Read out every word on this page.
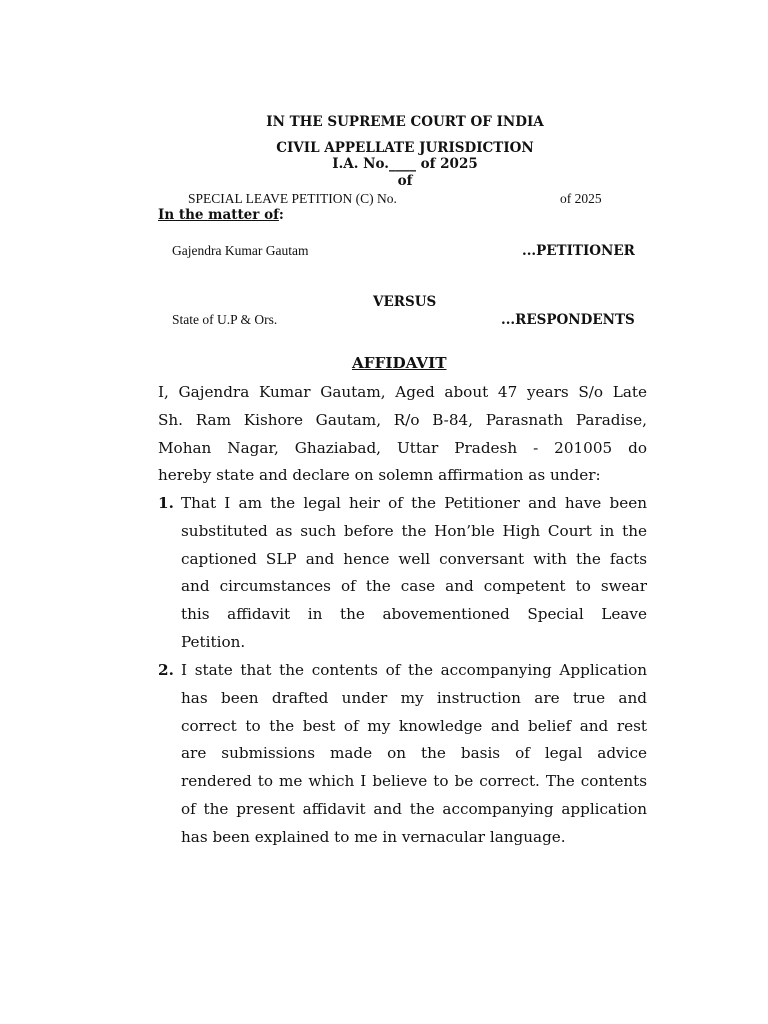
IN THE SUPREME COURT OF INDIA
CIVIL APPELLATE JURISDICTION
I.A. No.____ of 2025
of
SPECIAL LEAVE PETITION (C) No.	of 2025
In the matter of:
Gajendra Kumar Gautam	...PETITIONER
VERSUS
State of U.P & Ors.	...RESPONDENTS
AFFIDAVIT
I, Gajendra Kumar Gautam, Aged about 47 years S/o Late
Sh. Ram Kishore Gautam, R/o B-84, Parasnath Paradise,
Mohan Nagar, Ghaziabad, Uttar Pradesh - 201005 do
hereby state and declare on solemn affirmation as under:
1. That I am the legal heir of the Petitioner and have been
substituted as such before the Hon’ble High Court in the
captioned SLP and hence well conversant with the facts
and circumstances of the case and competent to swear
this affidavit in the abovementioned Special Leave
Petition.
2. I state that the contents of the accompanying Application
has been drafted under my instruction are true and
correct to the best of my knowledge and belief and rest
are submissions made on the basis of legal advice
rendered to me which I believe to be correct. The contents
of the present affidavit and the accompanying application
has been explained to me in vernacular language.
